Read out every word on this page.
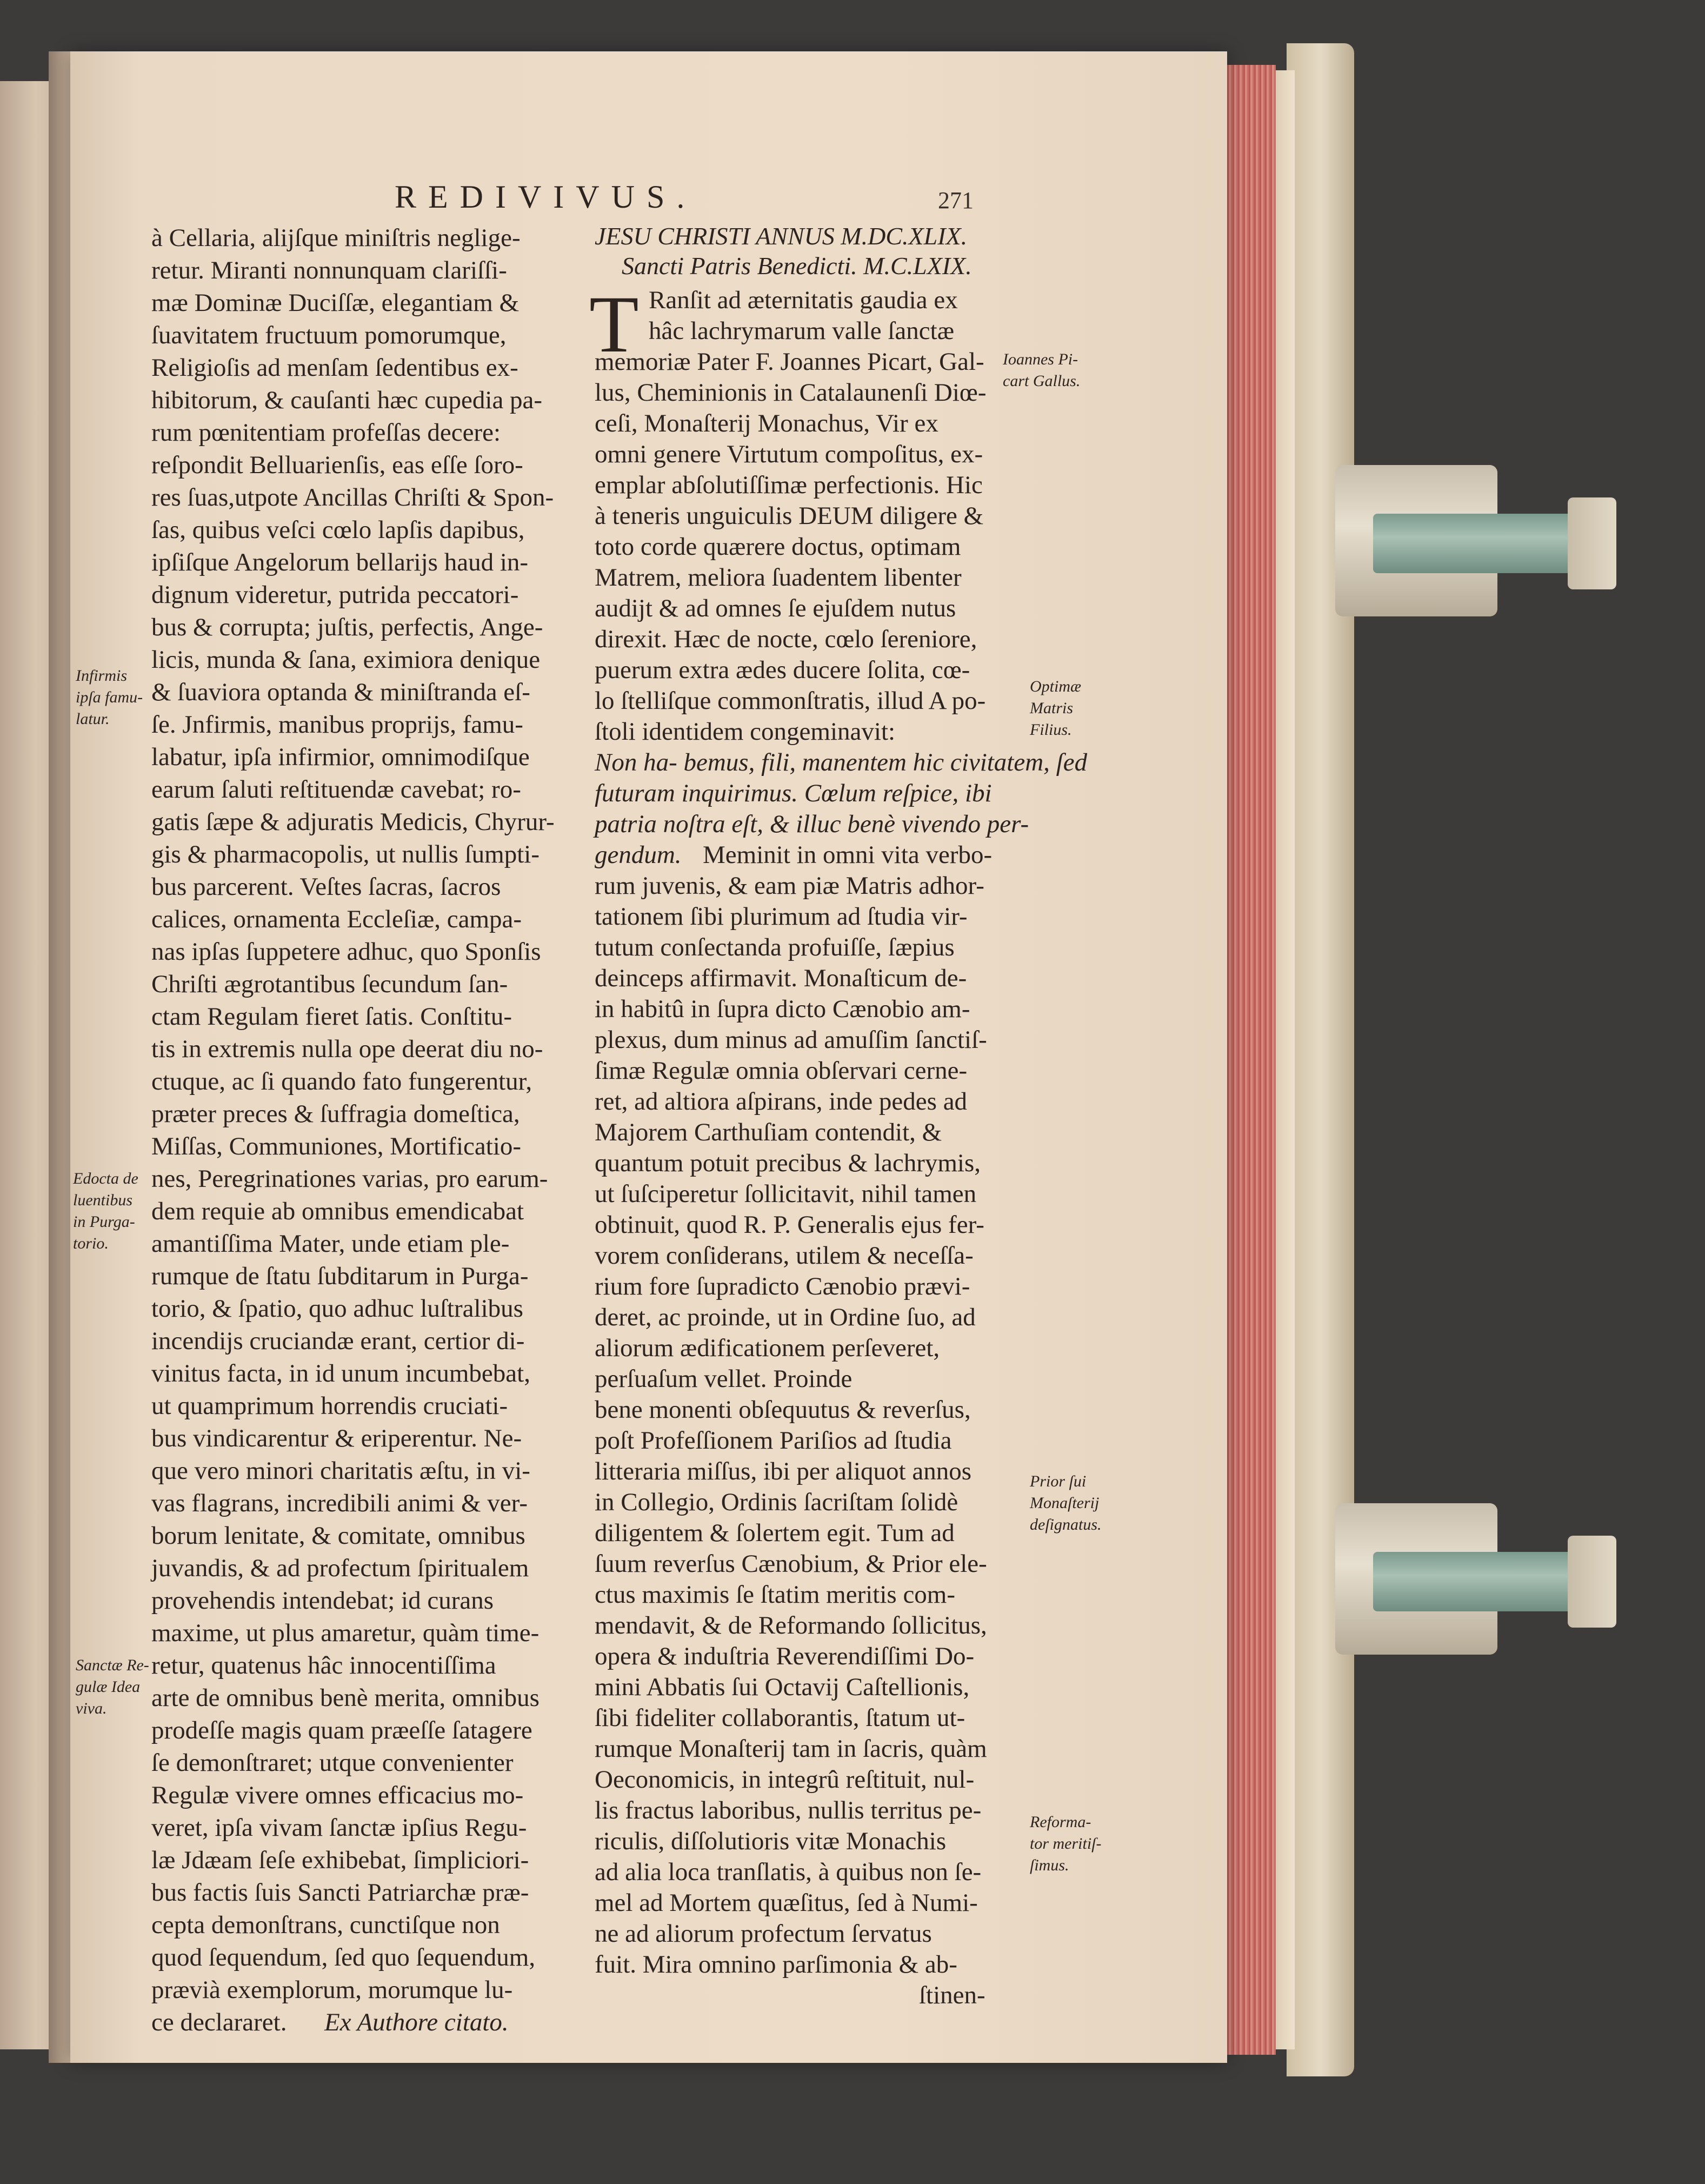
REDIVIVUS.	271
à Cellaria, alijſque miniſtris neglige-
retur. Miranti nonnunquam clariſſi-
mæ Dominæ Duciſſæ, elegantiam &
ſuavitatem fructuum pomorumque,
Religioſis ad menſam ſedentibus ex-
hibitorum, & cauſanti hæc cupedia pa-
rum pœnitentiam profeſſas decere:
reſpondit Belluarienſis, eas eſſe ſoro-
res ſuas,utpote Ancillas Chriſti & Spon-
ſas, quibus veſci cœlo lapſis dapibus,
ipſiſque Angelorum bellarijs haud in-
dignum videretur, putrida peccatori-
bus & corrupta; juſtis, perfectis, Ange-
licis, munda & ſana, eximiora denique
& ſuaviora optanda & miniſtranda eſ-
ſe. Jnfirmis, manibus proprijs, famu-
labatur, ipſa infirmior, omnimodiſque
earum ſaluti reſtituendæ cavebat; ro-
gatis ſæpe & adjuratis Medicis, Chyrur-
gis & pharmacopolis, ut nullis ſumpti-
bus parcerent. Veſtes ſacras, ſacros
calices, ornamenta Eccleſiæ, campa-
nas ipſas ſuppetere adhuc, quo Sponſis
Chriſti ægrotantibus ſecundum ſan-
ctam Regulam fieret ſatis. Conſtitu-
tis in extremis nulla ope deerat diu no-
ctuque, ac ſi quando fato fungerentur,
præter preces & ſuffragia domeſtica,
Miſſas, Communiones, Mortificatio-
nes, Peregrinationes varias, pro earum-
dem requie ab omnibus emendicabat
amantiſſima Mater, unde etiam ple-
rumque de ſtatu ſubditarum in Purga-
torio, & ſpatio, quo adhuc luſtralibus
incendijs cruciandæ erant, certior di-
vinitus facta, in id unum incumbebat,
ut quamprimum horrendis cruciati-
bus vindicarentur & eriperentur. Ne-
que vero minori charitatis æſtu, in vi-
vas flagrans, incredibili animi & ver-
borum lenitate, & comitate, omnibus
juvandis, & ad profectum ſpiritualem
provehendis intendebat; id curans
maxime, ut plus amaretur, quàm time-
retur, quatenus hâc innocentiſſima
arte de omnibus benè merita, omnibus
prodeſſe magis quam præeſſe ſatagere
ſe demonſtraret; utque convenienter
Regulæ vivere omnes efficacius mo-
veret, ipſa vivam ſanctæ ipſius Regu-
læ Jdæam ſeſe exhibebat, ſimpliciori-
bus factis ſuis Sancti Patriarchæ præ-
cepta demonſtrans, cunctiſque non
quod ſequendum, ſed quo ſequendum,
prævià exemplorum, morumque lu-
ce declararet. Ex Authore citato.
JESU CHRISTI ANNUS M.DC.XLIX.
Sancti Patris Benedicti. M.C.LXIX.
T Ranſit ad æternitatis gaudia ex
hâc lachrymarum valle ſanctæ
memoriæ Pater F. Joannes Picart, Gal-
lus, Cheminionis in Catalaunenſi Diœ-
ceſi, Monaſterij Monachus, Vir ex
omni genere Virtutum compoſitus, ex-
emplar abſolutiſſimæ perfectionis. Hic
à teneris unguiculis DEUM diligere &
toto corde quærere doctus, optimam
Matrem, meliora ſuadentem libenter
audijt & ad omnes ſe ejuſdem nutus
direxit. Hæc de nocte, cœlo ſereniore,
puerum extra ædes ducere ſolita, cœ-
lo ſtelliſque commonſtratis, illud A po-
ſtoli identidem congeminavit:
Non ha- bemus, fili, manentem hic civitatem, ſed
futuram inquirimus. Cœlum reſpice, ibi
patria noſtra eſt, & illuc benè vivendo per-
gendum. Meminit in omni vita verbo-
rum juvenis, & eam piæ Matris adhor-
tationem ſibi plurimum ad ſtudia vir-
tutum conſectanda profuiſſe, ſæpius
deinceps affirmavit. Monaſticum de-
in habitû in ſupra dicto Cænobio am-
plexus, dum minus ad amuſſim ſanctiſ-
ſimæ Regulæ omnia obſervari cerne-
ret, ad altiora aſpirans, inde pedes ad
Majorem Carthuſiam contendit, &
quantum potuit precibus & lachrymis,
ut ſuſciperetur ſollicitavit, nihil tamen
obtinuit, quod R. P. Generalis ejus fer-
vorem conſiderans, utilem & neceſſa-
rium fore ſupradicto Cænobio prævi-
deret, ac proinde, ut in Ordine ſuo, ad
aliorum ædificationem perſeveret,
perſuaſum vellet. Proinde
bene monenti obſequutus & reverſus,
poſt Profeſſionem Pariſios ad ſtudia
litteraria miſſus, ibi per aliquot annos
in Collegio, Ordinis ſacriſtam ſolidè
diligentem & ſolertem egit. Tum ad
ſuum reverſus Cænobium, & Prior ele-
ctus maximis ſe ſtatim meritis com-
mendavit, & de Reformando ſollicitus,
opera & induſtria Reverendiſſimi Do-
mini Abbatis ſui Octavij Caſtellionis,
ſibi fideliter collaborantis, ſtatum ut-
rumque Monaſterij tam in ſacris, quàm
Oeconomicis, in integrû reſtituit, nul-
lis fractus laboribus, nullis territus pe-
riculis, diſſolutioris vitæ Monachis
ad alia loca tranſlatis, à quibus non ſe-
mel ad Mortem quæſitus, ſed à Numi-
ne ad aliorum profectum ſervatus
fuit. Mira omnino parſimonia & ab-
ſtinen-
Infirmis
ipſa famu-
latur.
Edocta de
luentibus
in Purga-
torio.
Sanctæ Re-
gulæ Idea
viva.
Ioannes Pi-
cart Gallus.
Optimæ
Matris
Filius.
Prior ſui
Monaſterij
deſignatus.
Reforma-
tor meritiſ-
ſimus.
